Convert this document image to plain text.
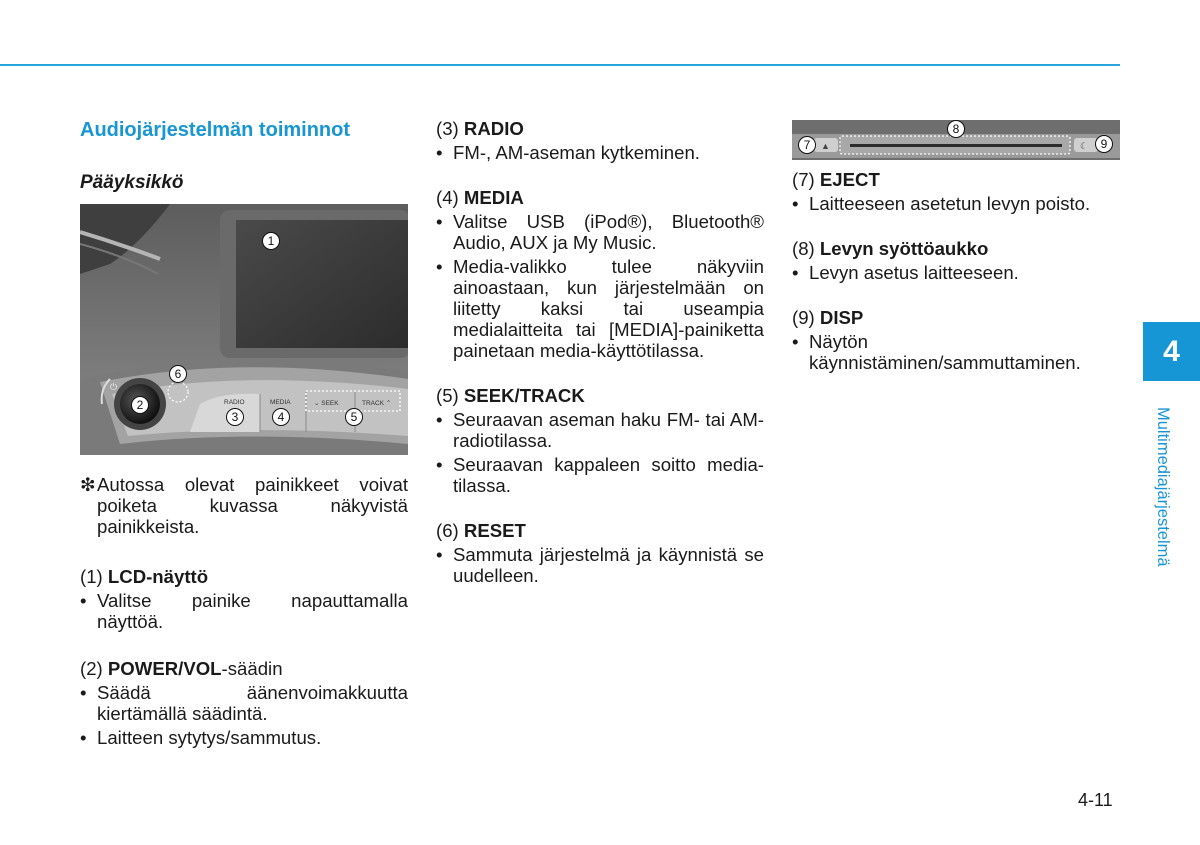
Audiojärjestelmän toiminnot

Pääyksikkö

⏻
RADIO	MEDIA	⌄ SEEK	TRACK ⌃
1
2
3	4	5
6
❇ Autossa olevat painikkeet voivat poiketa kuvassa näkyvistä painikkeista.

(1) LCD-näyttö

• Valitse painike napauttamalla näyttöä.

(2) POWER/VOL-säädin

• Säädä äänenvoimakkuutta kiertämällä säädintä.
• Laitteen sytytys/sammutus.

(3) RADIO

• FM-, AM-aseman kytkeminen.

(4) MEDIA

• Valitse USB (iPod®), Bluetooth® Audio, AUX ja My Music.
• Media-valikko tulee näkyviin ainoastaan, kun järjestelmään on liitetty kaksi tai useampia medialaitteita tai [MEDIA]-painiketta painetaan media-käyttötilassa.

(5) SEEK/TRACK

• Seuraavan aseman haku FM- tai AM-radiotilassa.
• Seuraavan kappaleen soitto media-tilassa.

(6) RESET

• Sammuta järjestelmä ja käynnistä se uudelleen.
▲	☾
7
8
9

(7) EJECT

• Laitteeseen asetetun levyn poisto.

(8) Levyn syöttöaukko

• Levyn asetus laitteeseen.

(9) DISP

• Näytön käynnistäminen/sammuttaminen.	4
Multimediajärjestelmä
4-11
